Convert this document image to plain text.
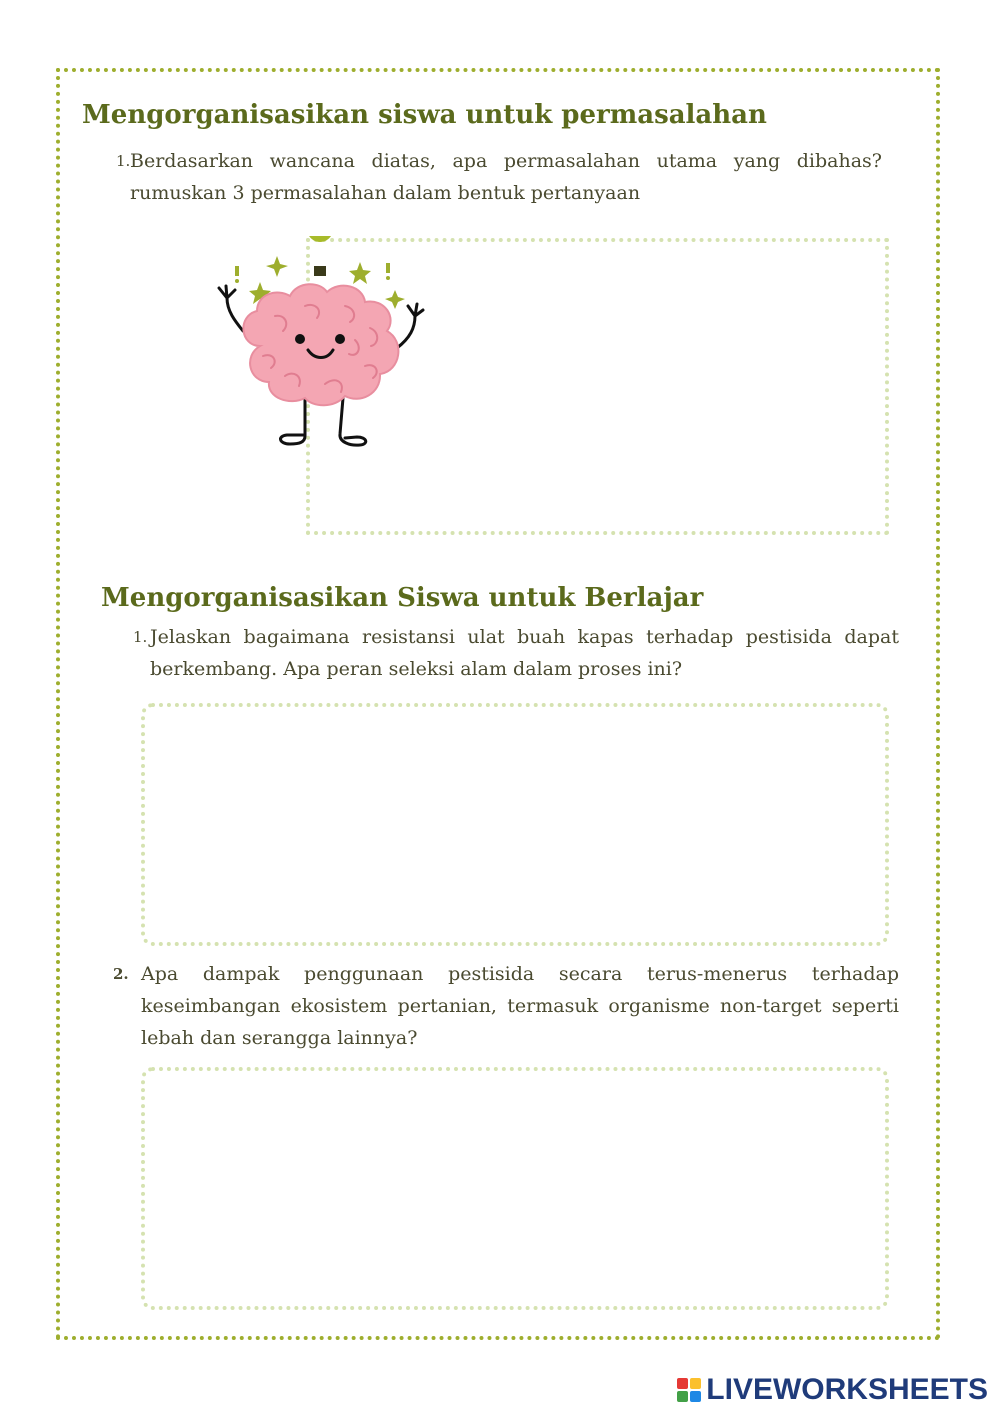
Mengorganisasikan siswa untuk permasalahan
1. Berdasarkan wancana diatas, apa permasalahan utama yang dibahas? rumuskan 3 permasalahan dalam bentuk pertanyaan
Mengorganisasikan Siswa untuk Berlajar
1. Jelaskan bagaimana resistansi ulat buah kapas terhadap pestisida dapat berkembang. Apa peran seleksi alam dalam proses ini?
2. Apa dampak penggunaan pestisida secara terus-menerus terhadap keseimbangan ekosistem pertanian, termasuk organisme non-target seperti lebah dan serangga lainnya?
LIVEWORKSHEETS
